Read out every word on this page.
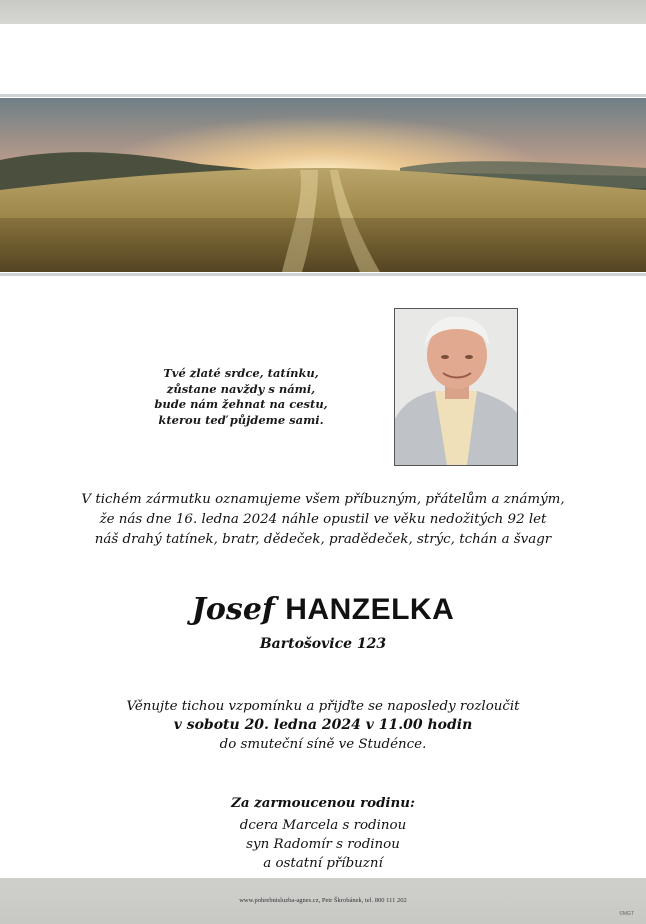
Tvé zlaté srdce, tatínku,
zůstane navždy s námi,
bude nám žehnat na cestu,
kterou teď půjdeme sami.
V tichém zármutku oznamujeme všem příbuzným, přátelům a známým,
že nás dne 16. ledna 2024 náhle opustil ve věku nedožitých 92 let
náš drahý tatínek, bratr, dědeček, pradědeček, strýc, tchán a švagr
Josef HANZELKA
Bartošovice 123
Věnujte tichou vzpomínku a přijďte se naposledy rozloučit
v sobotu 20. ledna 2024 v 11.00 hodin
do smuteční síně ve Studénce.
Za zarmoucenou rodinu:
dcera Marcela s rodinou
syn Radomír s rodinou
a ostatní příbuzní
www.pohrebnisluzba-agnes.cz, Petr Škrobánek, tel. 800 111 202
©MGT
